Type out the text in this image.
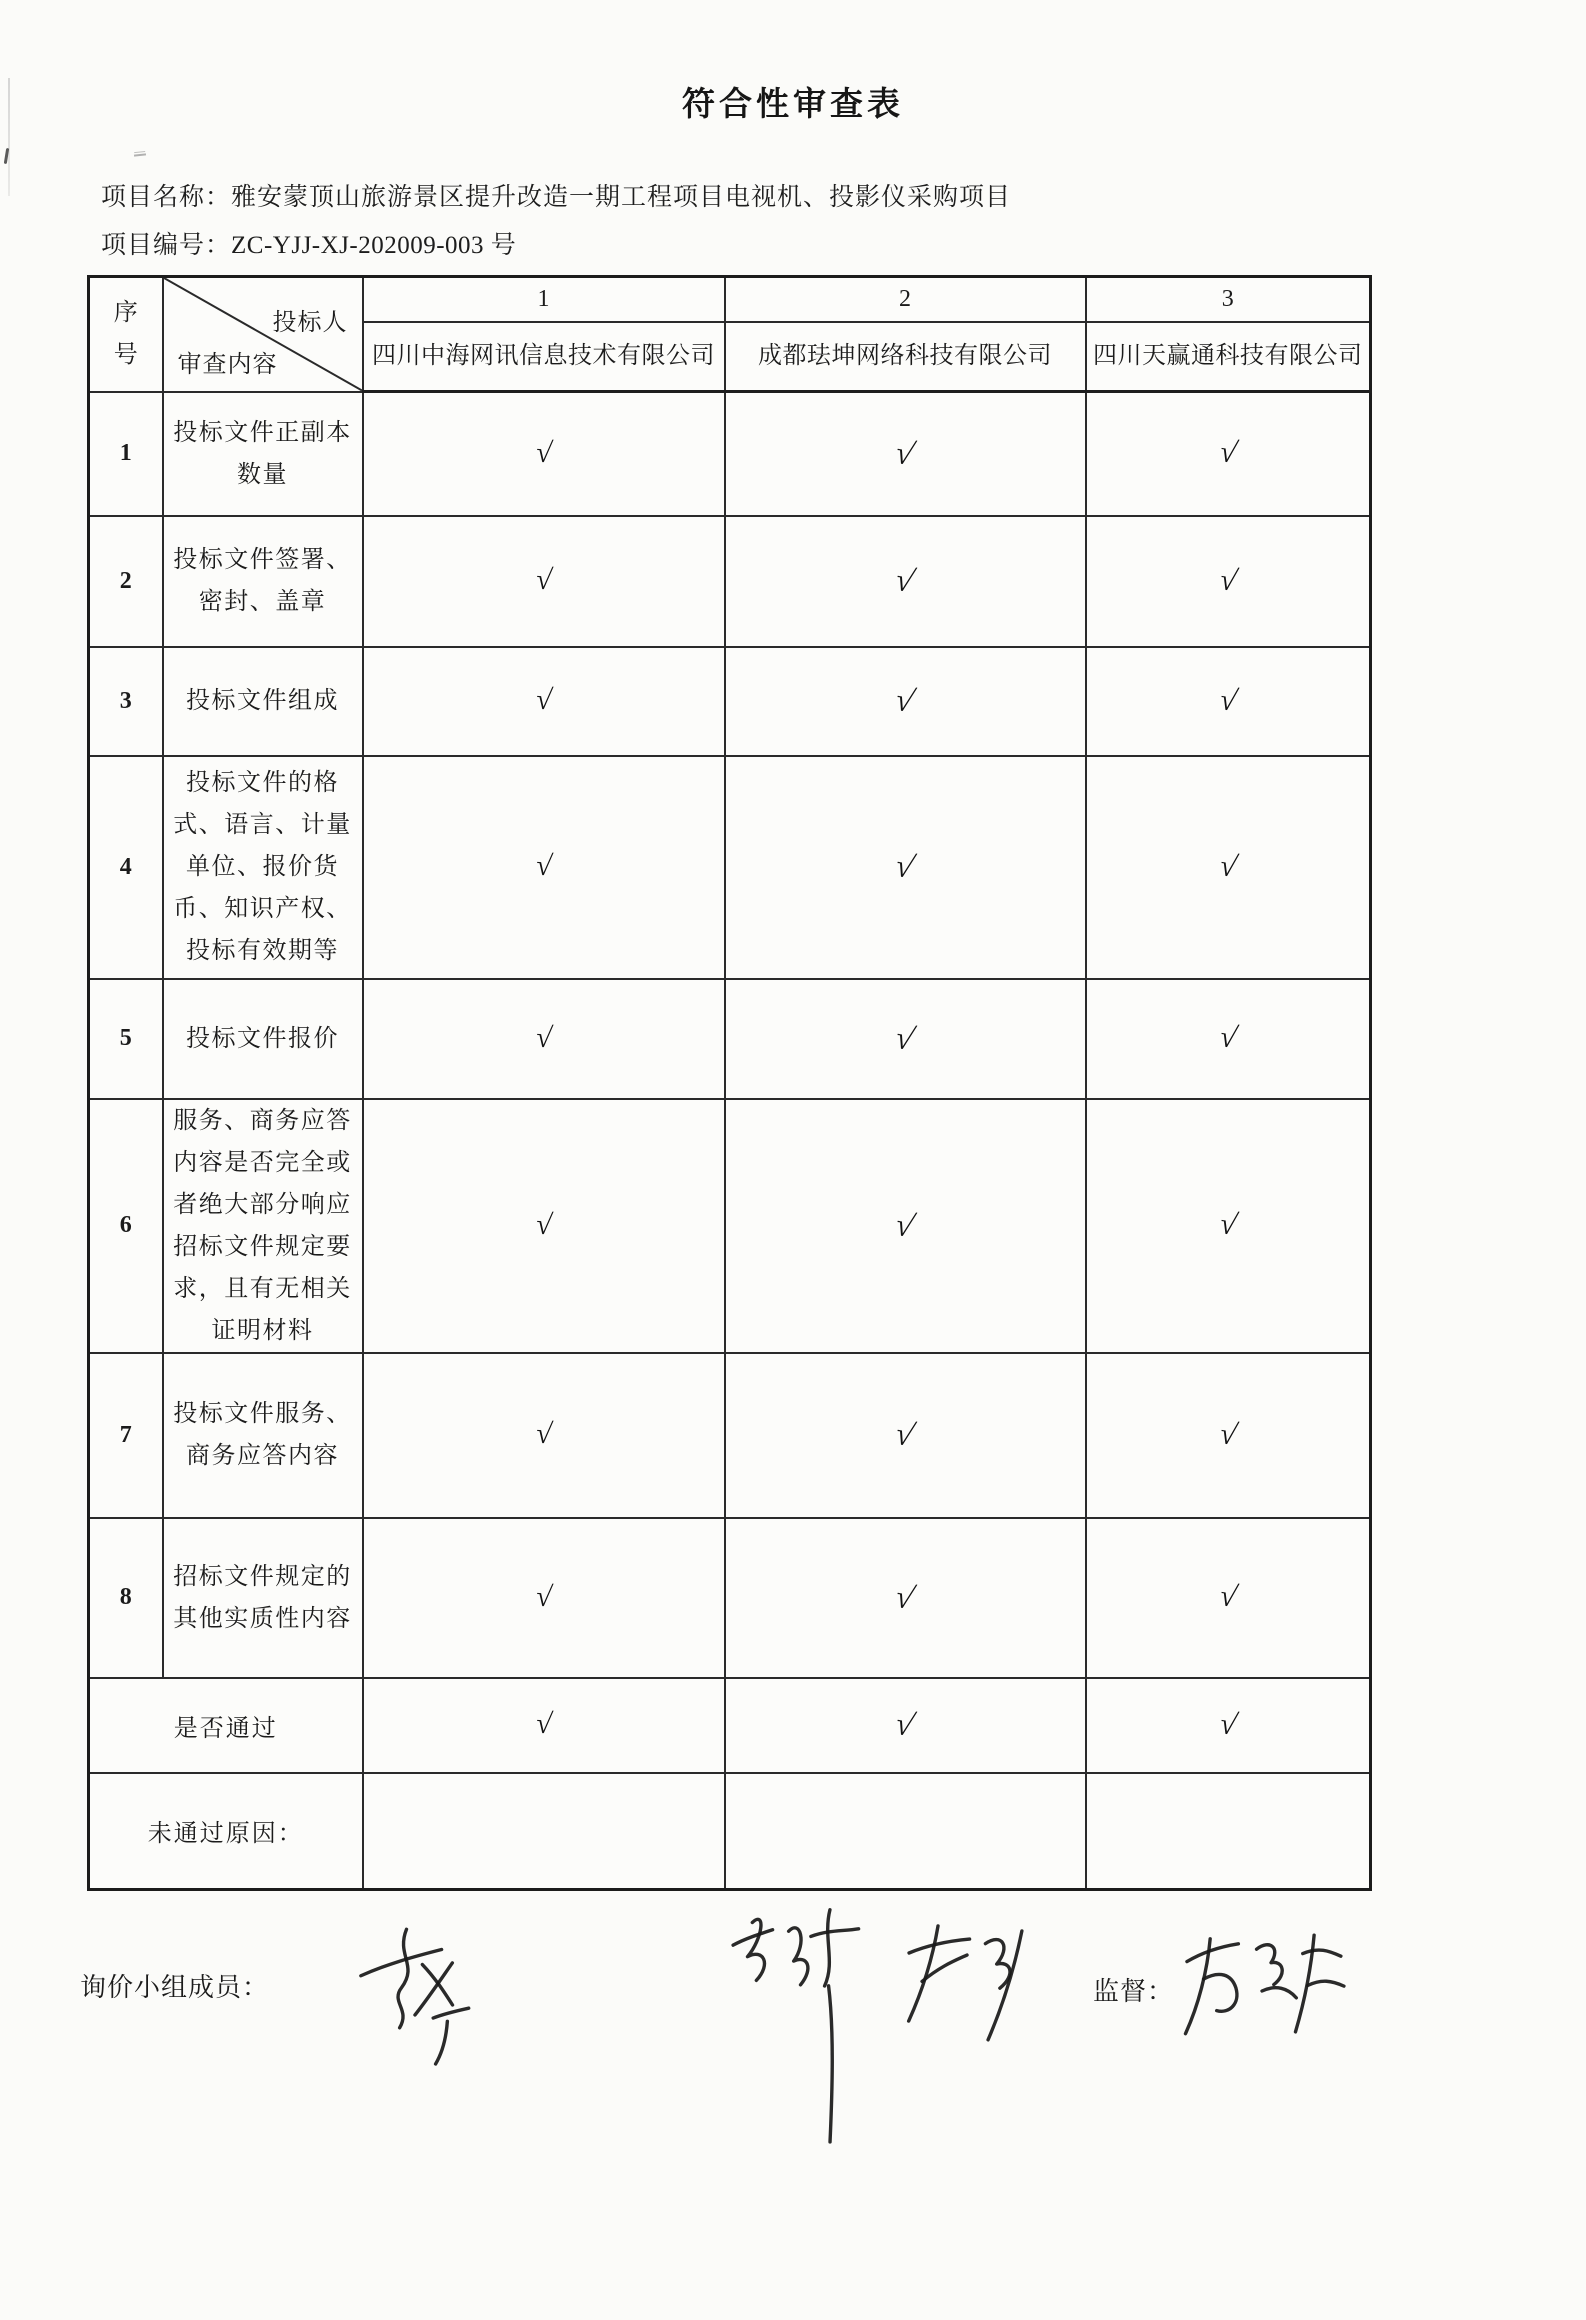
符合性审查表
项目名称：雅安蒙顶山旅游景区提升改造一期工程项目电视机、投影仪采购项目
项目编号：ZC-YJJ-XJ-202009-003 号
序号	投标人
审查内容	1	2	3
		四川中海网讯信息技术有限公司	成都珐坤网络科技有限公司	四川天赢通科技有限公司
1	投标文件正副本数量	√	√	√
2	投标文件签署、密封、盖章	√	√	√
3	投标文件组成	√	√	√
4	投标文件的格式、语言、计量单位、报价货币、知识产权、投标有效期等	√	√	√
5	投标文件报价	√	√	√
6	服务、商务应答内容是否完全或者绝大部分响应招标文件规定要求，且有无相关证明材料	√	√	√
7	投标文件服务、商务应答内容	√	√	√
8	招标文件规定的其他实质性内容	√	√	√
是否通过		√	√	√
未通过原因：				
询价小组成员：	监督：
